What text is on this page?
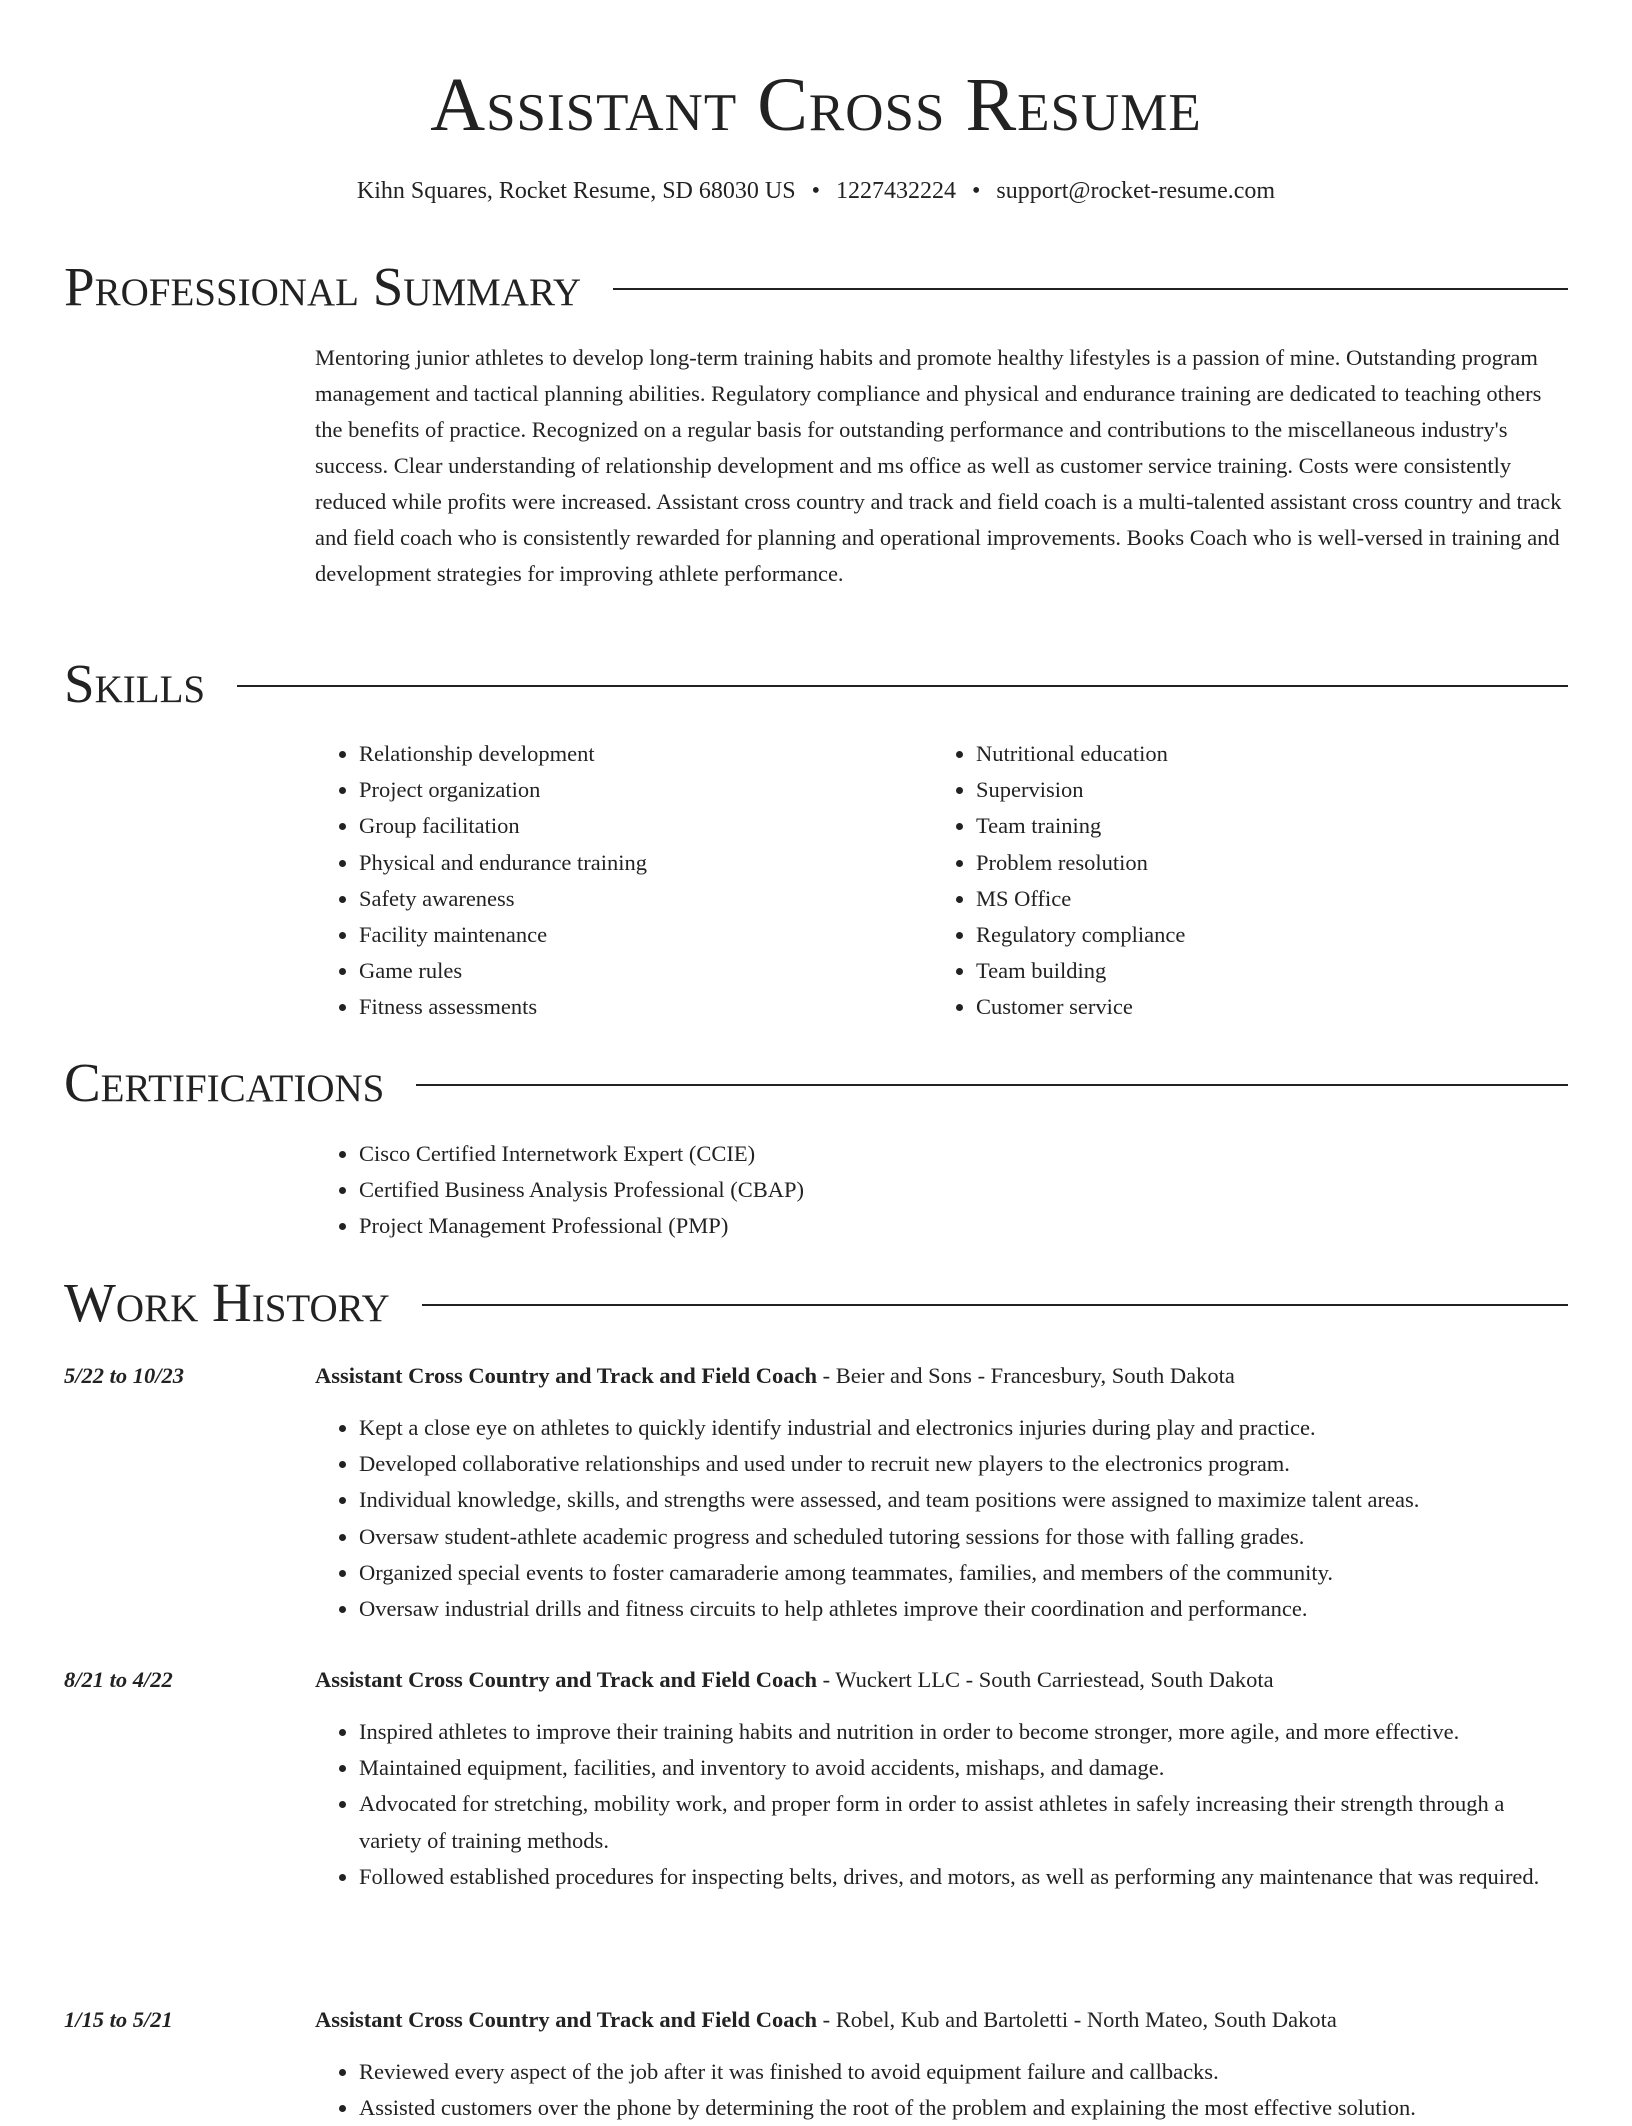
Assistant Cross Resume
Kihn Squares, Rocket Resume, SD 68030 US • 1227432224 • support@rocket-resume.com
Professional Summary

Mentoring junior athletes to develop long-term training habits and promote healthy lifestyles is a passion of mine. Outstanding program management and tactical planning abilities. Regulatory compliance and physical and endurance training are dedicated to teaching others the benefits of practice. Recognized on a regular basis for outstanding performance and contributions to the miscellaneous industry's success. Clear understanding of relationship development and ms office as well as customer service training. Costs were consistently reduced while profits were increased. Assistant cross country and track and field coach is a multi-talented assistant cross country and track and field coach who is consistently rewarded for planning and operational improvements. Books Coach who is well-versed in training and development strategies for improving athlete performance.

Skills
• Relationship development
• Project organization
• Group facilitation
• Physical and endurance training
• Safety awareness
• Facility maintenance
• Game rules
• Fitness assessments
• Nutritional education
• Supervision
• Team training
• Problem resolution
• MS Office
• Regulatory compliance
• Team building
• Customer service
Certifications
• Cisco Certified Internetwork Expert (CCIE)
• Certified Business Analysis Professional (CBAP)
• Project Management Professional (PMP)
Work History
5/22 to 10/23	Assistant Cross Country and Track and Field Coach - Beier and Sons - Francesbury, South Dakota
• Kept a close eye on athletes to quickly identify industrial and electronics injuries during play and practice.
• Developed collaborative relationships and used under to recruit new players to the electronics program.
• Individual knowledge, skills, and strengths were assessed, and team positions were assigned to maximize talent areas.
• Oversaw student-athlete academic progress and scheduled tutoring sessions for those with falling grades.
• Organized special events to foster camaraderie among teammates, families, and members of the community.
• Oversaw industrial drills and fitness circuits to help athletes improve their coordination and performance.
8/21 to 4/22	Assistant Cross Country and Track and Field Coach - Wuckert LLC - South Carriestead, South Dakota
• Inspired athletes to improve their training habits and nutrition in order to become stronger, more agile, and more effective.
• Maintained equipment, facilities, and inventory to avoid accidents, mishaps, and damage.
• Advocated for stretching, mobility work, and proper form in order to assist athletes in safely increasing their strength through a variety of training methods.
• Followed established procedures for inspecting belts, drives, and motors, as well as performing any maintenance that was required.
1/15 to 5/21	Assistant Cross Country and Track and Field Coach - Robel, Kub and Bartoletti - North Mateo, South Dakota
• Reviewed every aspect of the job after it was finished to avoid equipment failure and callbacks.
• Assisted customers over the phone by determining the root of the problem and explaining the most effective solution.
